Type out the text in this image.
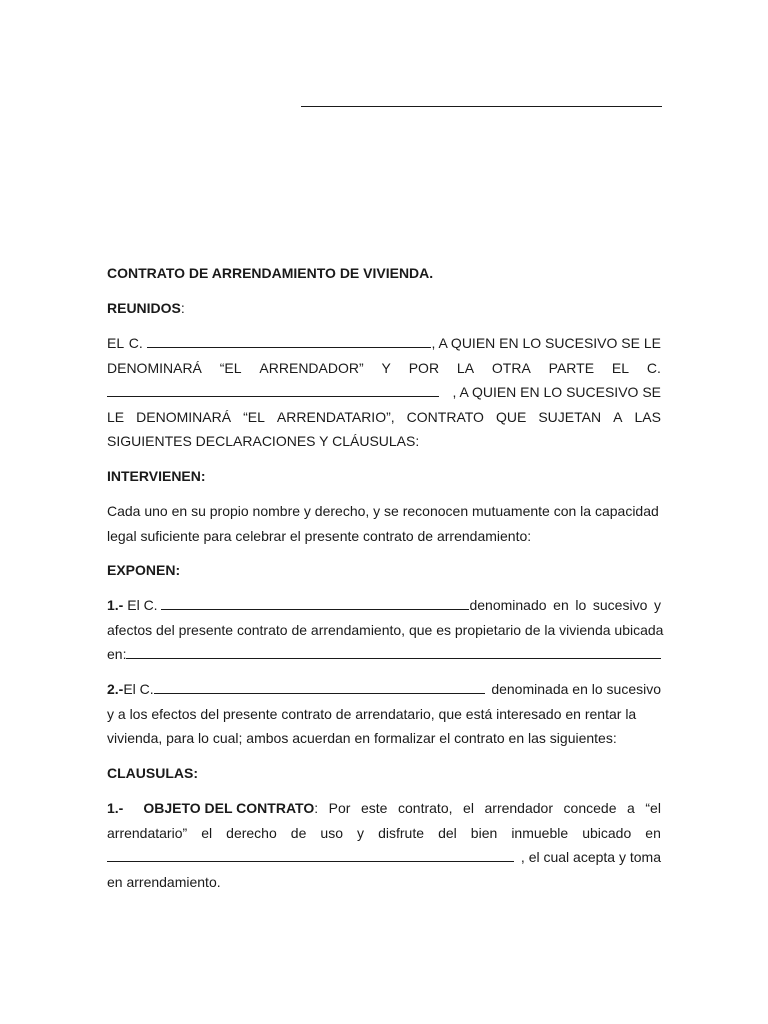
CONTRATO DE ARRENDAMIENTO DE VIVIENDA.

REUNIDOS:

EL C.	, A QUIEN EN LO SUCESIVO SE LE
DENOMINARÁ “EL ARRENDADOR” Y POR LA OTRA PARTE EL C.
, A QUIEN EN LO SUCESIVO SE
LE DENOMINARÁ “EL ARRENDATARIO”, CONTRATO QUE SUJETAN A LAS
SIGUIENTES DECLARACIONES Y CLÁUSULAS:

INTERVIENEN:

Cada uno en su propio nombre y derecho, y se reconocen mutuamente con la capacidad
legal suficiente para celebrar el presente contrato de arrendamiento:

EXPONEN:

1.- El C.	denominado en lo sucesivo y
afectos del presente contrato de arrendamiento, que es propietario de la vivienda ubicada
en:
2.- El C.	denominada en lo sucesivo
y a los efectos del presente contrato de arrendatario, que está interesado en rentar la
vivienda, para lo cual; ambos acuerdan en formalizar el contrato en las siguientes:

CLAUSULAS:

1.- OBJETO DEL CONTRATO: Por este contrato, el arrendador concede a “el
arrendatario” el derecho de uso y disfrute del bien inmueble ubicado en
, el cual acepta y toma
en arrendamiento.
